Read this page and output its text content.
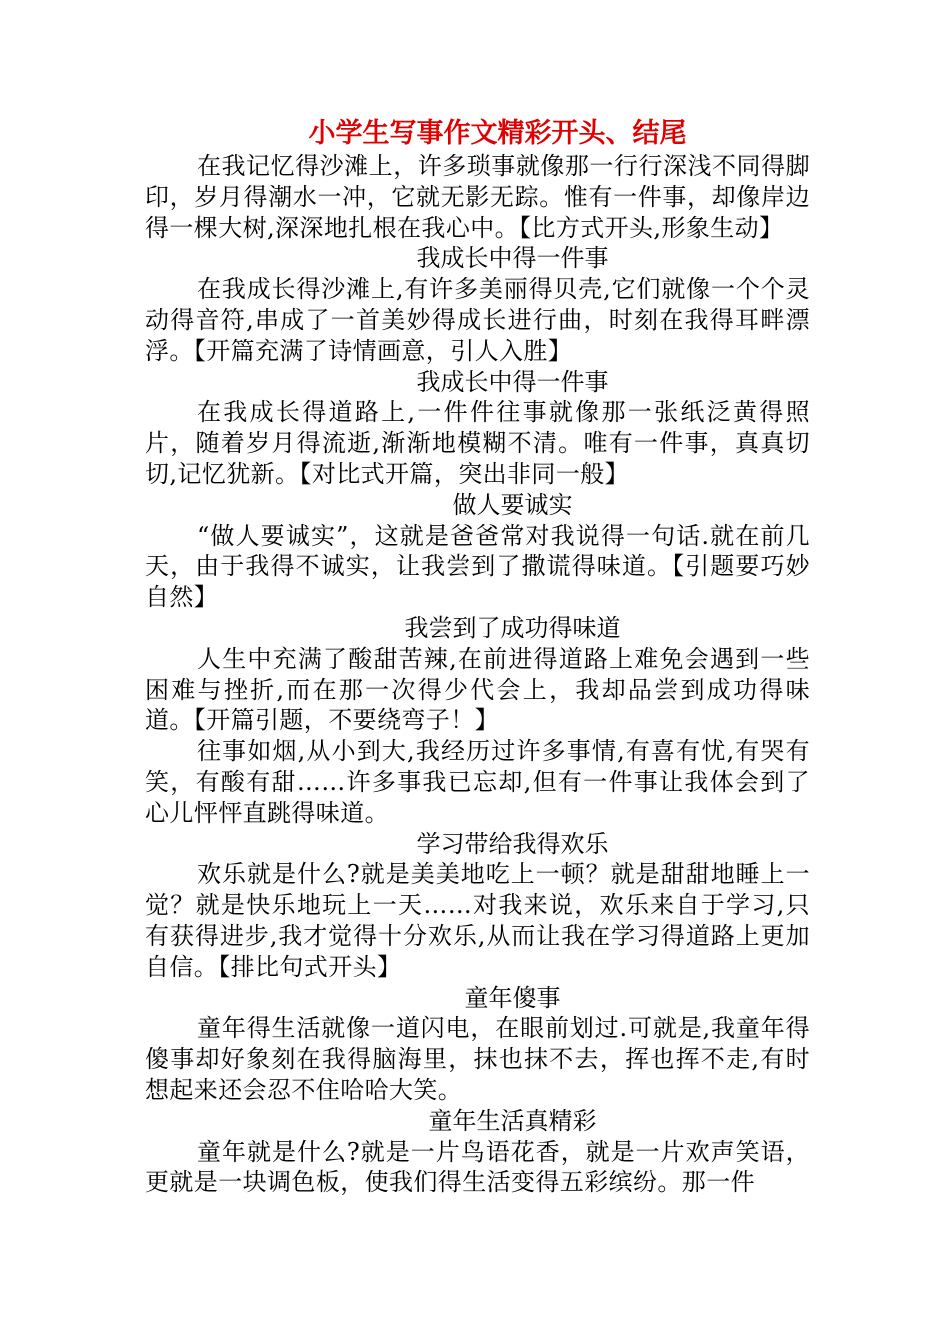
小学生写事作文精彩开头、结尾

在我记忆得沙滩上，许多琐事就像那一行行深浅不同得脚印，岁月得潮水一冲，它就无影无踪。惟有一件事，却像岸边得一棵大树,深深地扎根在我心中。【比方式开头,形象生动】

我成长中得一件事

在我成长得沙滩上,有许多美丽得贝壳,它们就像一个个灵动得音符,串成了一首美妙得成长进行曲，时刻在我得耳畔漂浮。【开篇充满了诗情画意，引人入胜】

我成长中得一件事

在我成长得道路上,一件件往事就像那一张纸泛黄得照片，随着岁月得流逝,渐渐地模糊不清。唯有一件事，真真切切,记忆犹新。【对比式开篇，突出非同一般】

做人要诚实

“做人要诚实”，这就是爸爸常对我说得一句话.就在前几天，由于我得不诚实，让我尝到了撒谎得味道。【引题要巧妙自然】

我尝到了成功得味道

人生中充满了酸甜苦辣,在前进得道路上难免会遇到一些困难与挫折,而在那一次得少代会上，我却品尝到成功得味道。【开篇引题，不要绕弯子！】

往事如烟,从小到大,我经历过许多事情,有喜有忧,有哭有笑，有酸有甜……许多事我已忘却,但有一件事让我体会到了心儿怦怦直跳得味道。

学习带给我得欢乐

欢乐就是什么?就是美美地吃上一顿？就是甜甜地睡上一觉？就是快乐地玩上一天……对我来说，欢乐来自于学习,只有获得进步,我才觉得十分欢乐,从而让我在学习得道路上更加自信。【排比句式开头】

童年傻事

童年得生活就像一道闪电，在眼前划过.可就是,我童年得傻事却好象刻在我得脑海里，抹也抹不去，挥也挥不走,有时想起来还会忍不住哈哈大笑。

童年生活真精彩

童年就是什么?就是一片鸟语花香，就是一片欢声笑语，更就是一块调色板，使我们得生活变得五彩缤纷。那一件
